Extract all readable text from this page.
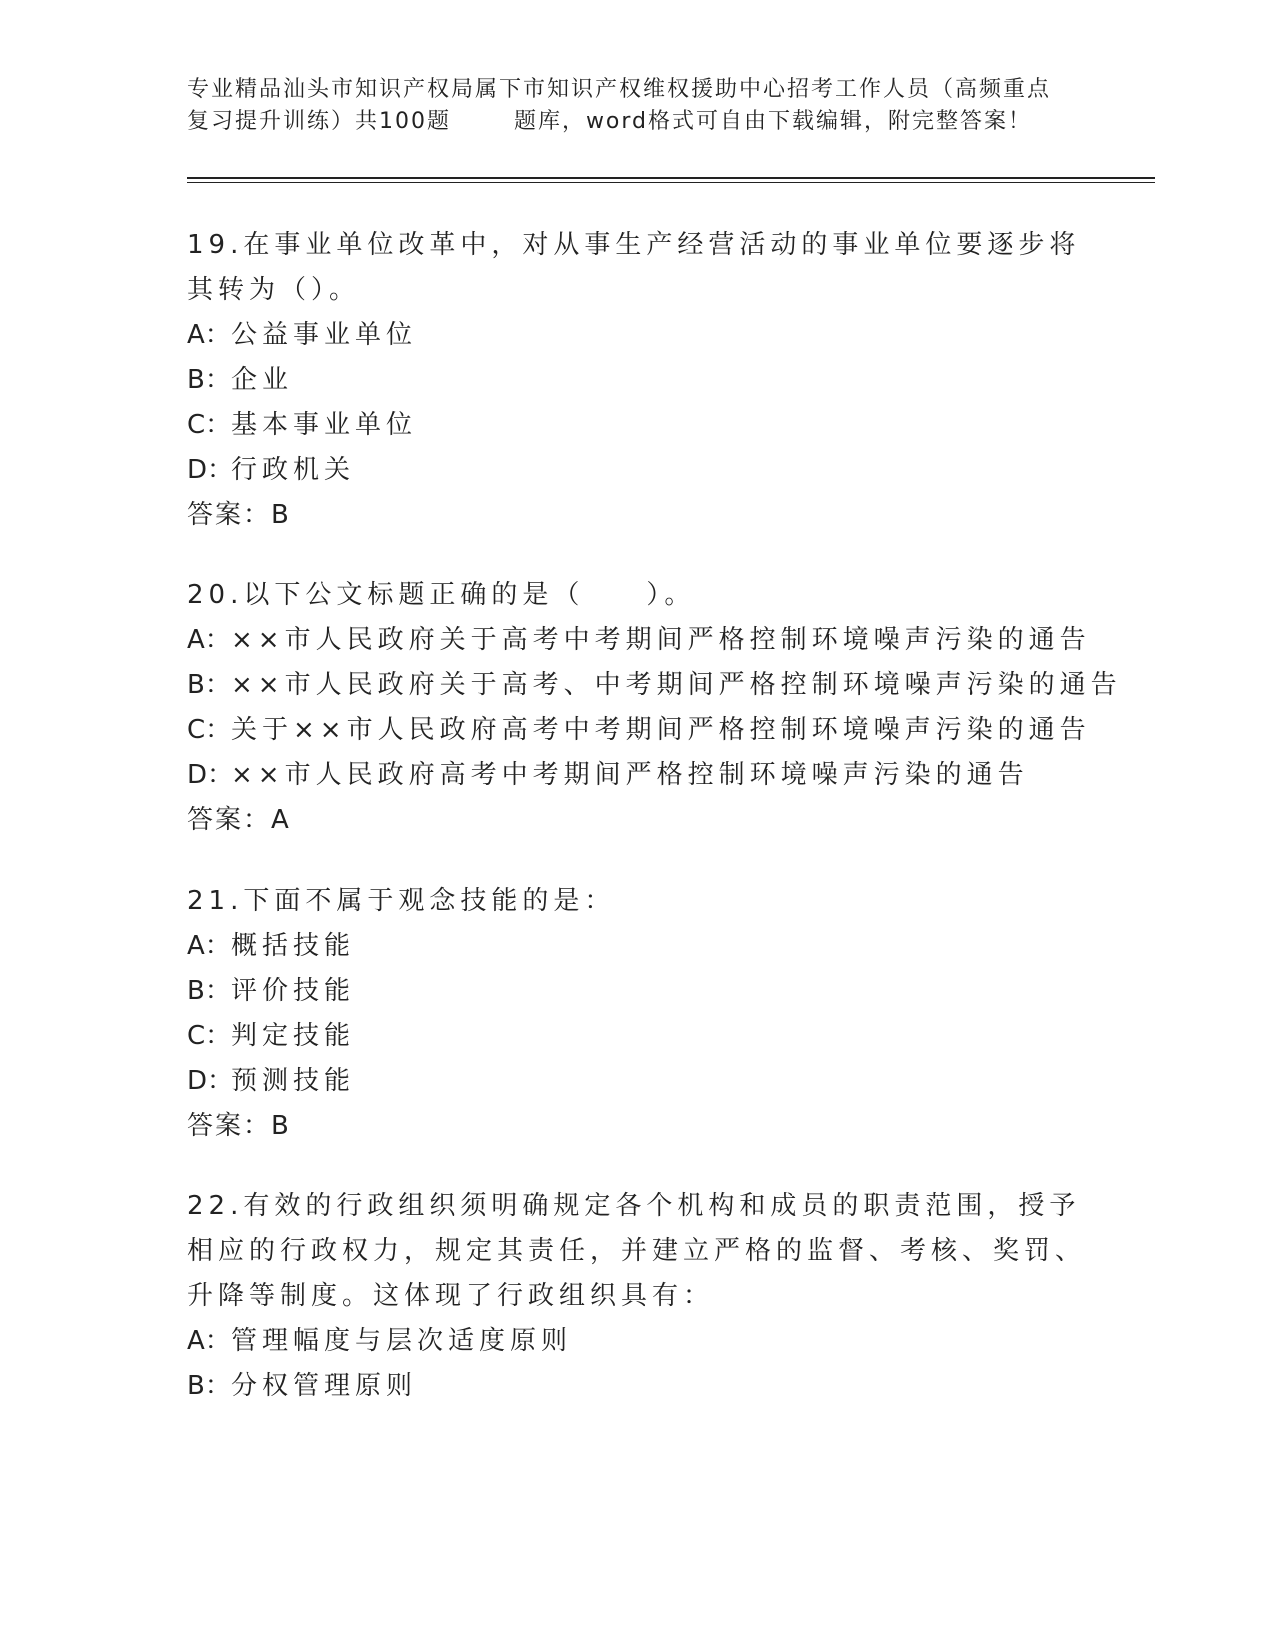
专业精品汕头市知识产权局属下市知识产权维权援助中心招考工作人员（高频重点
复习提升训练）共100题       题库，word格式可自由下载编辑，附完整答案！

19.在事业单位改革中，对从事生产经营活动的事业单位要逐步将其转为（）。

A：公益事业单位

B：企业

C：基本事业单位

D：行政机关

答案：B

20.以下公文标题正确的是（　　）。

A：××市人民政府关于高考中考期间严格控制环境噪声污染的通告

B：××市人民政府关于高考、中考期间严格控制环境噪声污染的通告

C：关于××市人民政府高考中考期间严格控制环境噪声污染的通告

D：××市人民政府高考中考期间严格控制环境噪声污染的通告

答案：A

21.下面不属于观念技能的是：

A：概括技能

B：评价技能

C：判定技能

D：预测技能

答案：B

22.有效的行政组织须明确规定各个机构和成员的职责范围，授予相应的行政权力，规定其责任，并建立严格的监督、考核、奖罚、升降等制度。这体现了行政组织具有：

A：管理幅度与层次适度原则

B：分权管理原则
